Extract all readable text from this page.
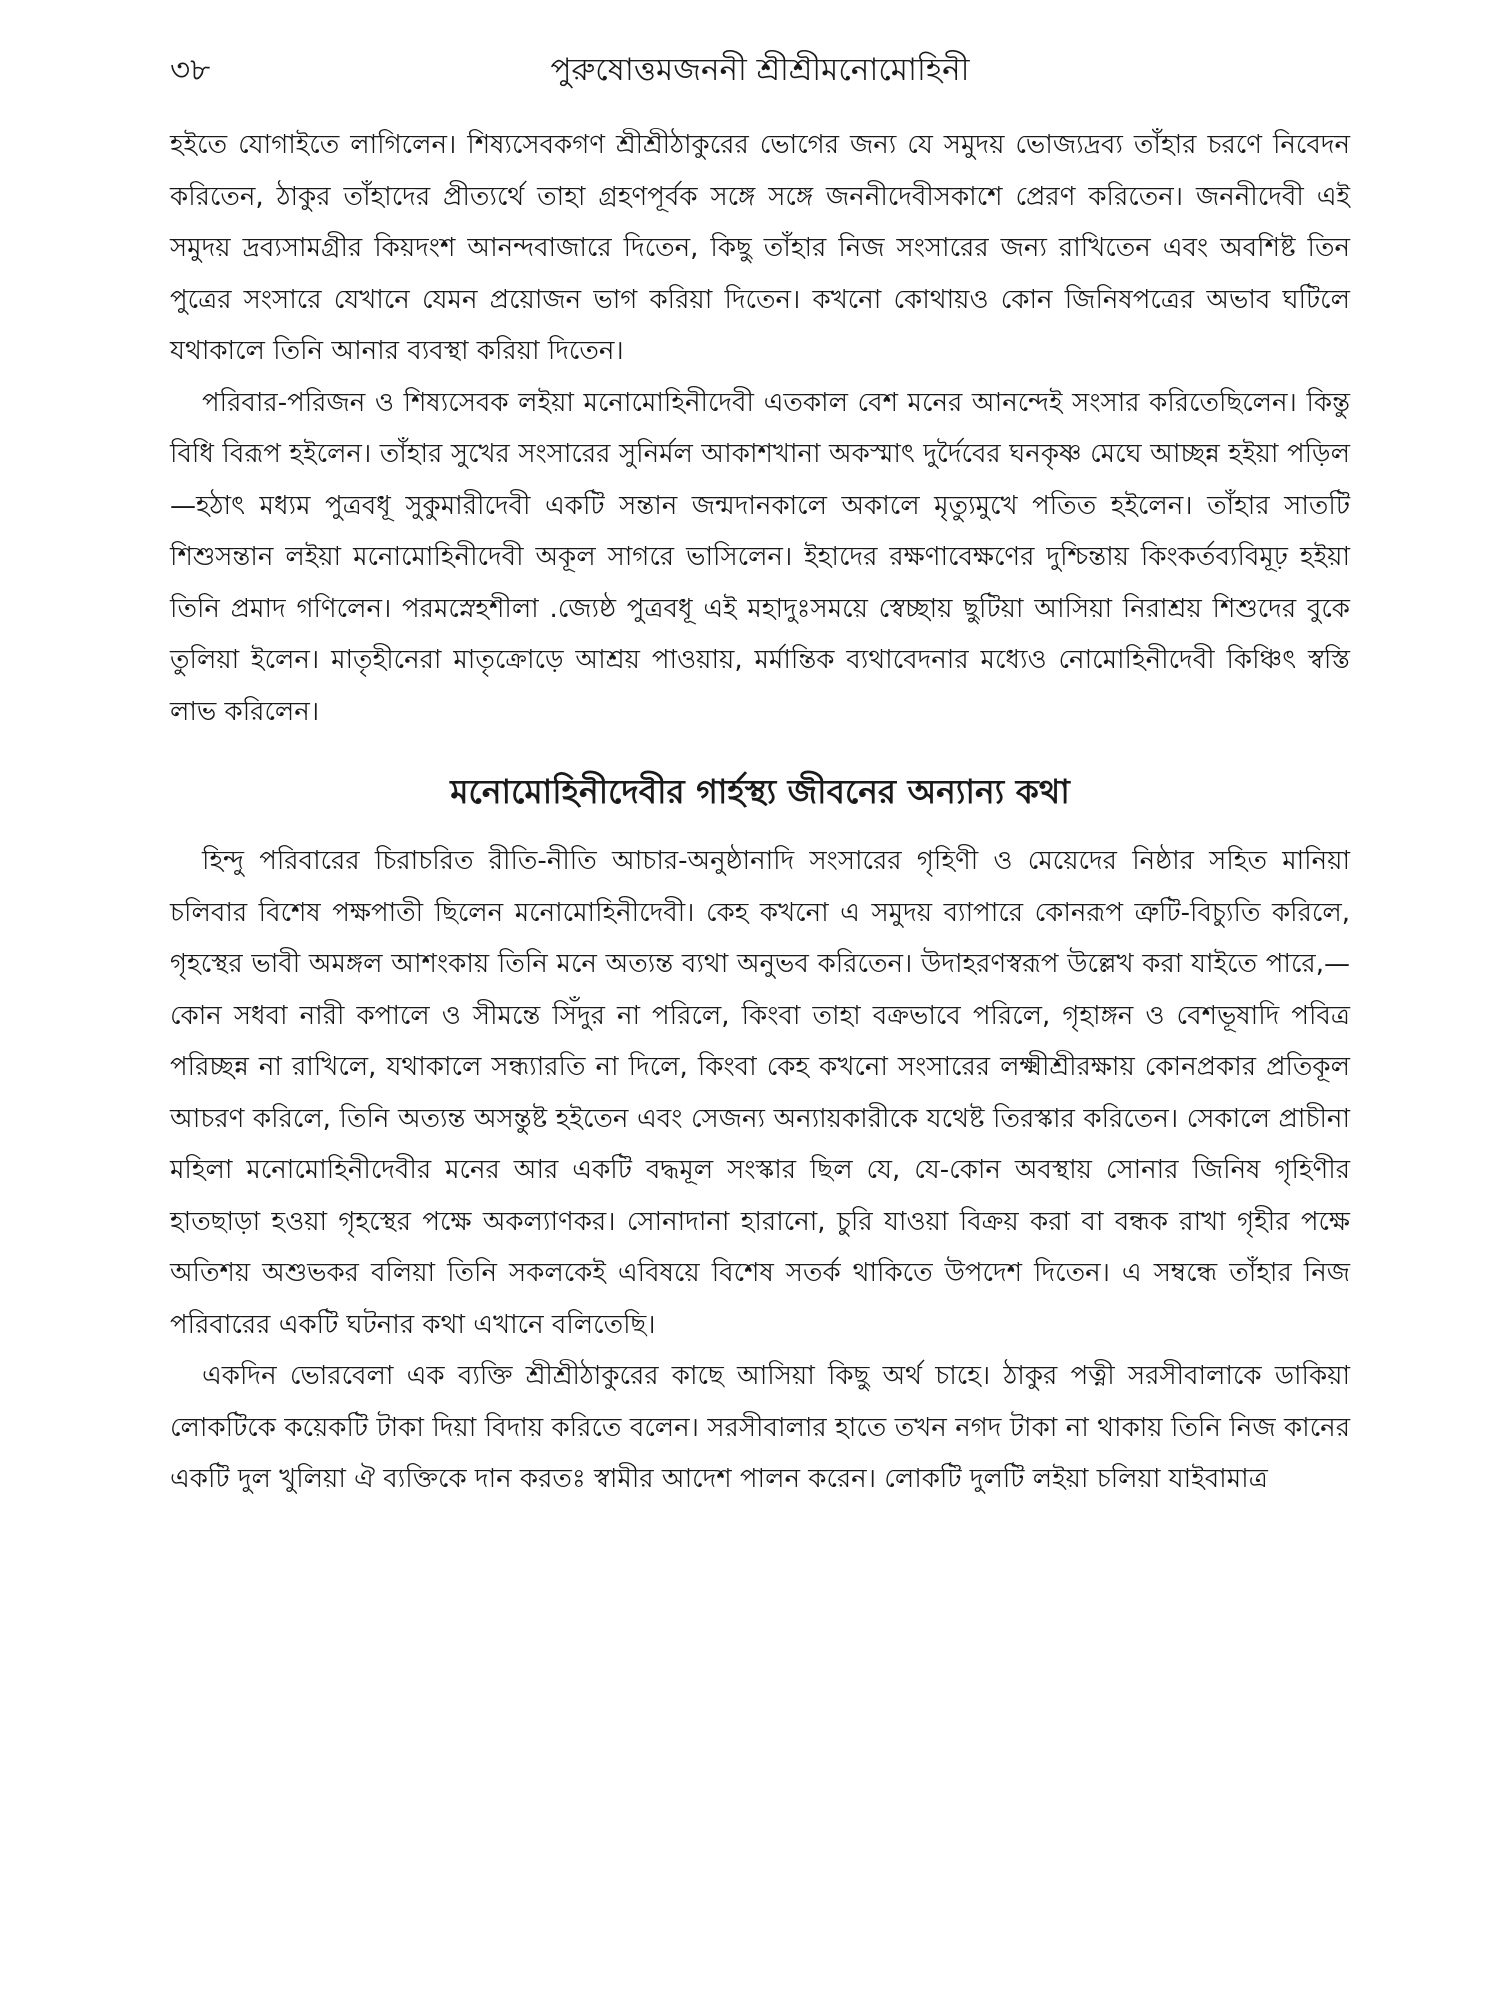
৩৮	পুরুষোত্তমজননী শ্রীশ্রীমনোমোহিনী

হইতে যোগাইতে লাগিলেন। শিষ্যসেবকগণ শ্রীশ্রীঠাকুরের ভোগের জন্য যে সমুদয় ভোজ্যদ্রব্য তাঁহার চরণে নিবেদন করিতেন, ঠাকুর তাঁহাদের প্রীত্যর্থে তাহা গ্রহণপূর্বক সঙ্গে সঙ্গে জননীদেবীসকাশে প্রেরণ করিতেন। জননীদেবী এই সমুদয় দ্রব্যসামগ্রীর কিয়দংশ আনন্দবাজারে দিতেন, কিছু তাঁহার নিজ সংসারের জন্য রাখিতেন এবং অবশিষ্ট তিন পুত্রের সংসারে যেখানে যেমন প্রয়োজন ভাগ করিয়া দিতেন। কখনো কোথায়ও কোন জিনিষপত্রের অভাব ঘটিলে যথাকালে তিনি আনার ব্যবস্থা করিয়া দিতেন।

পরিবার-পরিজন ও শিষ্যসেবক লইয়া মনোমোহিনীদেবী এতকাল বেশ মনের আনন্দেই সংসার করিতেছিলেন। কিন্তু বিধি বিরূপ হইলেন। তাঁহার সুখের সংসারের সুনির্মল আকাশখানা অকস্মাৎ দুর্দৈবের ঘনকৃষ্ণ মেঘে আচ্ছন্ন হইয়া পড়িল—হঠাৎ মধ্যম পুত্রবধূ সুকুমারীদেবী একটি সন্তান জন্মদানকালে অকালে মৃত্যুমুখে পতিত হইলেন। তাঁহার সাতটি শিশুসন্তান লইয়া মনোমোহিনীদেবী অকূল সাগরে ভাসিলেন। ইহাদের রক্ষণাবেক্ষণের দুশ্চিন্তায় কিংকর্তব্যবিমূঢ় হইয়া তিনি প্রমাদ গণিলেন। পরমস্নেহশীলা .জ্যেষ্ঠ পুত্রবধূ এই মহাদুঃসময়ে স্বেচ্ছায় ছুটিয়া আসিয়া নিরাশ্রয় শিশুদের বুকে তুলিয়া ইলেন। মাতৃহীনেরা মাতৃক্রোড়ে আশ্রয় পাওয়ায়, মর্মান্তিক ব্যথাবেদনার মধ্যেও নোমোহিনীদেবী কিঞ্চিৎ স্বস্তি লাভ করিলেন।

মনোমোহিনীদেবীর গার্হস্থ্য জীবনের অন্যান্য কথা

হিন্দু পরিবারের চিরাচরিত রীতি-নীতি আচার-অনুষ্ঠানাদি সংসারের গৃহিণী ও মেয়েদের নিষ্ঠার সহিত মানিয়া চলিবার বিশেষ পক্ষপাতী ছিলেন মনোমোহিনীদেবী। কেহ কখনো এ সমুদয় ব্যাপারে কোনরূপ ত্রুটি-বিচ্যুতি করিলে, গৃহস্থের ভাবী অমঙ্গল আশংকায় তিনি মনে অত্যন্ত ব্যথা অনুভব করিতেন। উদাহরণস্বরূপ উল্লেখ করা যাইতে পারে,— কোন সধবা নারী কপালে ও সীমন্তে সিঁদুর না পরিলে, কিংবা তাহা বক্রভাবে পরিলে, গৃহাঙ্গন ও বেশভূষাদি পবিত্র পরিচ্ছন্ন না রাখিলে, যথাকালে সন্ধ্যারতি না দিলে, কিংবা কেহ কখনো সংসারের লক্ষ্মীশ্রীরক্ষায় কোনপ্রকার প্রতিকূল আচরণ করিলে, তিনি অত্যন্ত অসন্তুষ্ট হইতেন এবং সেজন্য অন্যায়কারীকে যথেষ্ট তিরস্কার করিতেন। সেকালে প্রাচীনা মহিলা মনোমোহিনীদেবীর মনের আর একটি বদ্ধমূল সংস্কার ছিল যে, যে-কোন অবস্থায় সোনার জিনিষ গৃহিণীর হাতছাড়া হওয়া গৃহস্থের পক্ষে অকল্যাণকর। সোনাদানা হারানো, চুরি যাওয়া বিক্রয় করা বা বন্ধক রাখা গৃহীর পক্ষে অতিশয় অশুভকর বলিয়া তিনি সকলকেই এবিষয়ে বিশেষ সতর্ক থাকিতে উপদেশ দিতেন। এ সম্বন্ধে তাঁহার নিজ পরিবারের একটি ঘটনার কথা এখানে বলিতেছি।

একদিন ভোরবেলা এক ব্যক্তি শ্রীশ্রীঠাকুরের কাছে আসিয়া কিছু অর্থ চাহে। ঠাকুর পত্নী সরসীবালাকে ডাকিয়া লোকটিকে কয়েকটি টাকা দিয়া বিদায় করিতে বলেন। সরসীবালার হাতে তখন নগদ টাকা না থাকায় তিনি নিজ কানের একটি দুল খুলিয়া ঐ ব্যক্তিকে দান করতঃ স্বামীর আদেশ পালন করেন। লোকটি দুলটি লইয়া চলিয়া যাইবামাত্র
